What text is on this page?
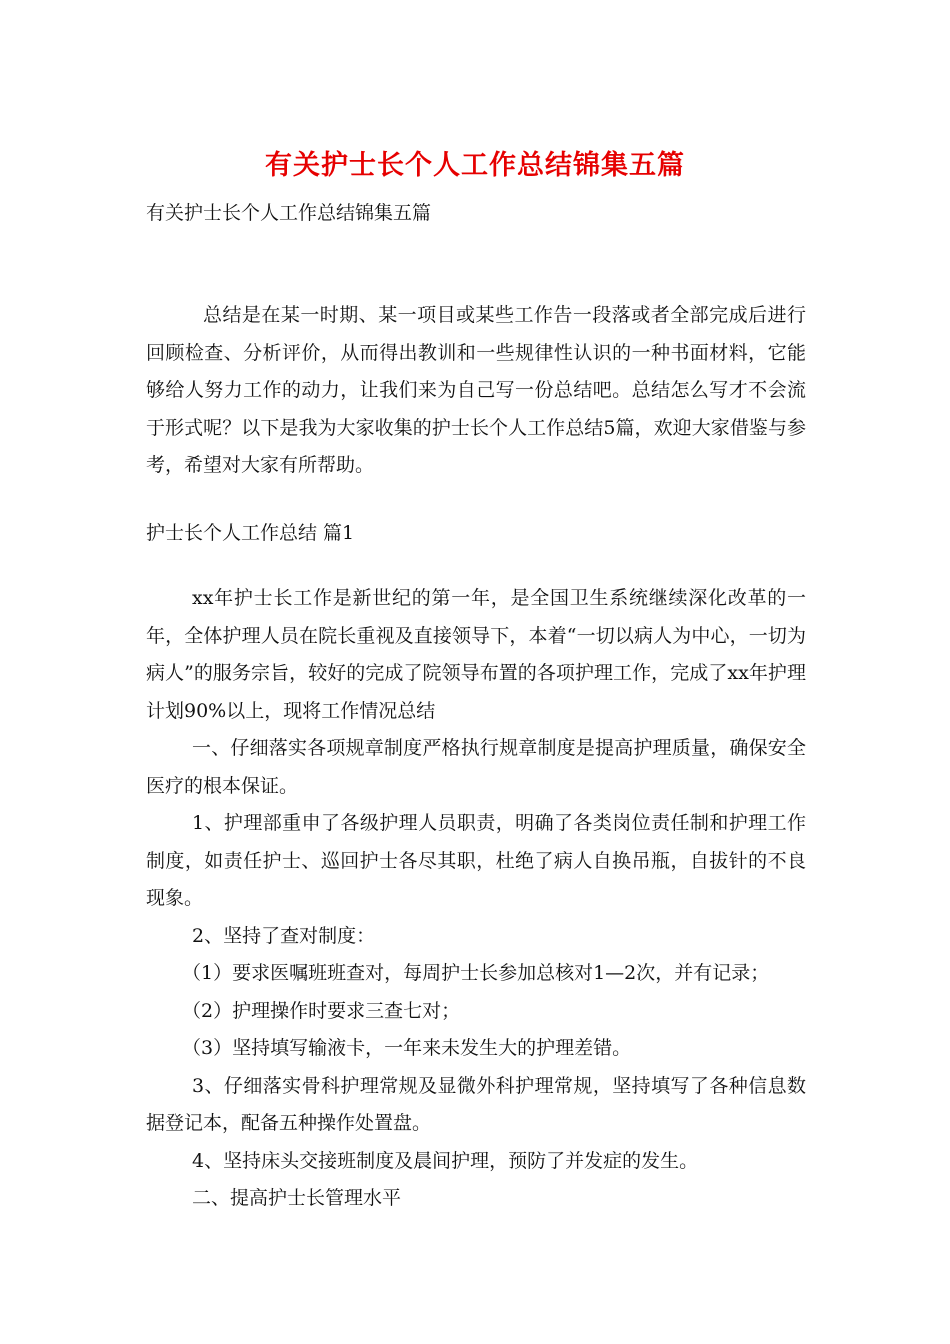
有关护士长个人工作总结锦集五篇

有关护士长个人工作总结锦集五篇

总结是在某一时期、某一项目或某些工作告一段落或者全部完成后进行回顾检查、分析评价，从而得出教训和一些规律性认识的一种书面材料，它能够给人努力工作的动力，让我们来为自己写一份总结吧。总结怎么写才不会流于形式呢？以下是我为大家收集的护士长个人工作总结5篇，欢迎大家借鉴与参考，希望对大家有所帮助。

护士长个人工作总结 篇1

xx年护士长工作是新世纪的第一年，是全国卫生系统继续深化改革的一年，全体护理人员在院长重视及直接领导下，本着“一切以病人为中心，一切为病人”的服务宗旨，较好的完成了院领导布置的各项护理工作，完成了xx年护理计划90%以上，现将工作情况总结

一、仔细落实各项规章制度严格执行规章制度是提高护理质量，确保安全医疗的根本保证。

1、护理部重申了各级护理人员职责，明确了各类岗位责任制和护理工作制度，如责任护士、巡回护士各尽其职，杜绝了病人自换吊瓶，自拔针的不良现象。

2、坚持了查对制度：

（1）要求医嘱班班查对，每周护士长参加总核对1—2次，并有记录；

（2）护理操作时要求三查七对；

（3）坚持填写输液卡，一年来未发生大的护理差错。

3、仔细落实骨科护理常规及显微外科护理常规，坚持填写了各种信息数据登记本，配备五种操作处置盘。

4、坚持床头交接班制度及晨间护理，预防了并发症的发生。

二、提高护士长管理水平
